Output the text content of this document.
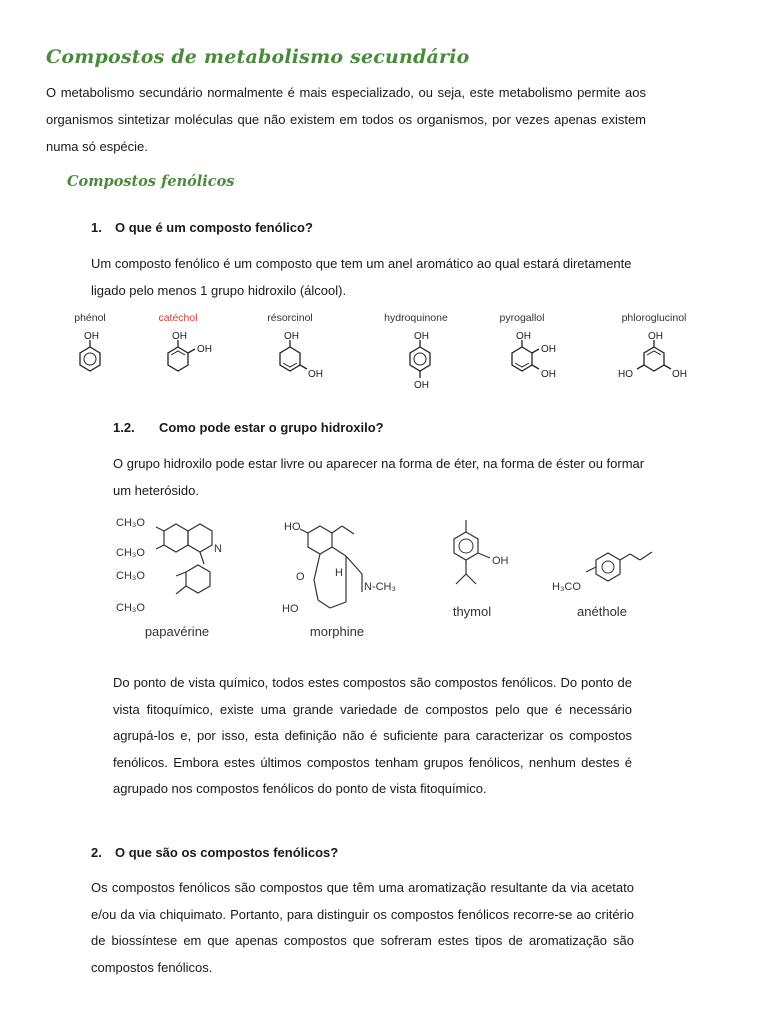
Compostos de metabolismo secundário
O metabolismo secundário normalmente é mais especializado, ou seja, este metabolismo permite aos organismos sintetizar moléculas que não existem em todos os organismos, por vezes apenas existem numa só espécie.
Compostos fenólicos
1. O que é um composto fenólico?
Um composto fenólico é um composto que tem um anel aromático ao qual estará diretamente ligado pelo menos 1 grupo hidroxilo (álcool).
phénol	catéchol	résorcinol	hydroquinone	pyrogallol	phloroglucinol
OH	OH
OH
OH
OH
OH
OH
OH
OH
OH
OH
OH
HO
1.2. Como pode estar o grupo hidroxilo?
O grupo hidroxilo pode estar livre ou aparecer na forma de éter, na forma de éster ou formar um heterósido.
CH₃O
CH₃O	N
CH₃O
CH₃O
papavérine
HO
O	H
N-CH₃
HO
morphine
OH
thymol
H₃CO
anéthole
Do ponto de vista químico, todos estes compostos são compostos fenólicos. Do ponto de vista fitoquímico, existe uma grande variedade de compostos pelo que é necessário agrupá-los e, por isso, esta definição não é suficiente para caracterizar os compostos fenólicos. Embora estes últimos compostos tenham grupos fenólicos, nenhum destes é agrupado nos compostos fenólicos do ponto de vista fitoquímico.
2. O que são os compostos fenólicos?
Os compostos fenólicos são compostos que têm uma aromatização resultante da via acetato e/ou da via chiquimato. Portanto, para distinguir os compostos fenólicos recorre-se ao critério de biossíntese em que apenas compostos que sofreram estes tipos de aromatização são compostos fenólicos.
